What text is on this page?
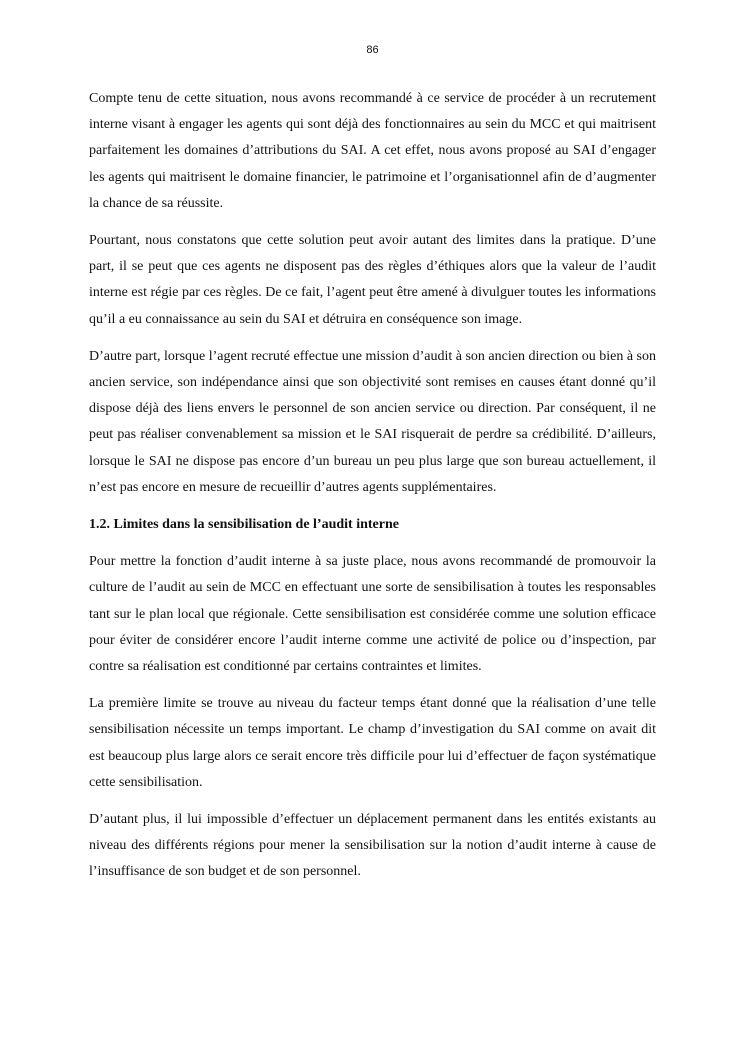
86

Compte tenu de cette situation, nous avons recommandé à ce service de procéder à un recrutement interne visant à engager les agents qui sont déjà des fonctionnaires au sein du MCC et qui maitrisent parfaitement les domaines d’attributions du SAI. A cet effet, nous avons proposé au SAI d’engager les agents qui maitrisent le domaine financier, le patrimoine et l’organisationnel afin de d’augmenter la chance de sa réussite.

Pourtant, nous constatons que cette solution peut avoir autant des limites dans la pratique. D’une part, il se peut que ces agents ne disposent pas des règles d’éthiques alors que la valeur de l’audit interne est régie par ces règles. De ce fait, l’agent peut être amené à divulguer toutes les informations qu’il a eu connaissance au sein du SAI et détruira en conséquence son image.

D’autre part, lorsque l’agent recruté effectue une mission d’audit à son ancien direction ou bien à son ancien service, son indépendance ainsi que son objectivité sont remises en causes étant donné qu’il dispose déjà des liens envers le personnel de son ancien service ou direction. Par conséquent, il ne peut pas réaliser convenablement sa mission et le SAI risquerait de perdre sa crédibilité. D’ailleurs, lorsque le SAI ne dispose pas encore d’un bureau un peu plus large que son bureau actuellement, il n’est pas encore en mesure de recueillir d’autres agents supplémentaires.

1.2. Limites dans la sensibilisation de l’audit interne

Pour mettre la fonction d’audit interne à sa juste place, nous avons recommandé de promouvoir la culture de l’audit au sein de MCC en effectuant une sorte de sensibilisation à toutes les responsables tant sur le plan local que régionale. Cette sensibilisation est considérée comme une solution efficace pour éviter de considérer encore l’audit interne comme une activité de police ou d’inspection, par contre sa réalisation est conditionné par certains contraintes et limites.

La première limite se trouve au niveau du facteur temps étant donné que la réalisation d’une telle sensibilisation nécessite un temps important. Le champ d’investigation du SAI comme on avait dit est beaucoup plus large alors ce serait encore très difficile pour lui d’effectuer de façon systématique cette sensibilisation.

D’autant plus, il lui impossible d’effectuer un déplacement permanent dans les entités existants au niveau des différents régions pour mener la sensibilisation sur la notion d’audit interne à cause de l’insuffisance de son budget et de son personnel.
